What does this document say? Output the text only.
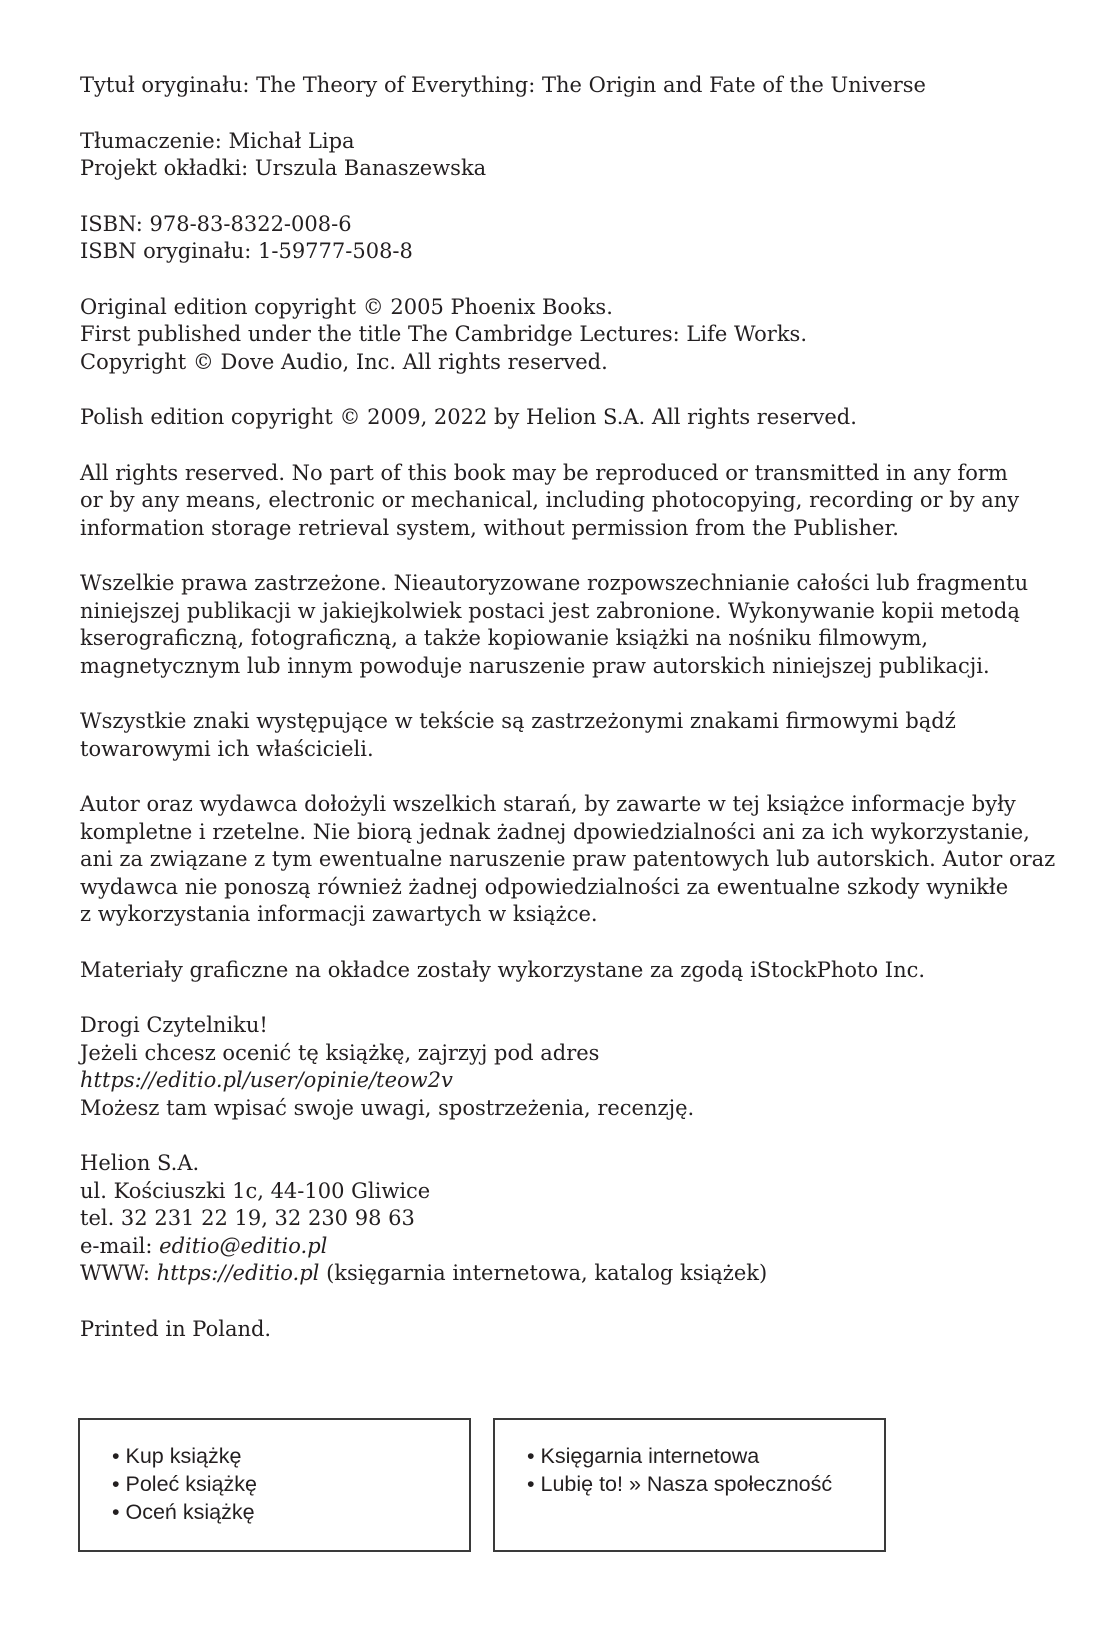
Tytuł oryginału: The Theory of Everything: The Origin and Fate of the Universe

Tłumaczenie: Michał Lipa
Projekt okładki: Urszula Banaszewska

ISBN: 978-83-8322-008-6
ISBN oryginału: 1-59777-508-8

Original edition copyright © 2005 Phoenix Books.
First published under the title The Cambridge Lectures: Life Works.
Copyright © Dove Audio, Inc. All rights reserved.

Polish edition copyright © 2009, 2022 by Helion S.A. All rights reserved.

All rights reserved. No part of this book may be reproduced or transmitted in any form
or by any means, electronic or mechanical, including photocopying, recording or by any
information storage retrieval system, without permission from the Publisher.

Wszelkie prawa zastrzeżone. Nieautoryzowane rozpowszechnianie całości lub fragmentu
niniejszej publikacji w jakiejkolwiek postaci jest zabronione. Wykonywanie kopii metodą
kserograficzną, fotograficzną, a także kopiowanie książki na nośniku filmowym,
magnetycznym lub innym powoduje naruszenie praw autorskich niniejszej publikacji.

Wszystkie znaki występujące w tekście są zastrzeżonymi znakami firmowymi bądź
towarowymi ich właścicieli.

Autor oraz wydawca dołożyli wszelkich starań, by zawarte w tej książce informacje były
kompletne i rzetelne. Nie biorą jednak żadnej dpowiedzialności ani za ich wykorzystanie,
ani za związane z tym ewentualne naruszenie praw patentowych lub autorskich. Autor oraz
wydawca nie ponoszą również żadnej odpowiedzialności za ewentualne szkody wynikłe
z wykorzystania informacji zawartych w książce.

Materiały graficzne na okładce zostały wykorzystane za zgodą iStockPhoto Inc.

Drogi Czytelniku!
Jeżeli chcesz ocenić tę książkę, zajrzyj pod adres
https://editio.pl/user/opinie/teow2v
Możesz tam wpisać swoje uwagi, spostrzeżenia, recenzję.

Helion S.A.
ul. Kościuszki 1c, 44-100 Gliwice
tel. 32 231 22 19, 32 230 98 63
e-mail: editio@editio.pl
WWW: https://editio.pl (księgarnia internetowa, katalog książek)

Printed in Poland.

• Kup książkę
• Poleć książkę
• Oceń książkę
• Księgarnia internetowa
• Lubię to! » Nasza społeczność
